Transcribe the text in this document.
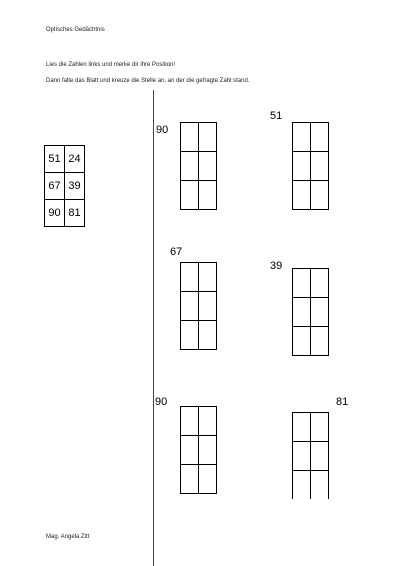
Optisches Gedächtnis
Lies die Zahlen links und merke dir ihre Position!
Dann falte das Blatt und kreuze die Stelle an, an der die gefragte Zahl stand.
51	24
67	39
90	81
90

51

67

39

90

		81

Mag. Angela Zitt
